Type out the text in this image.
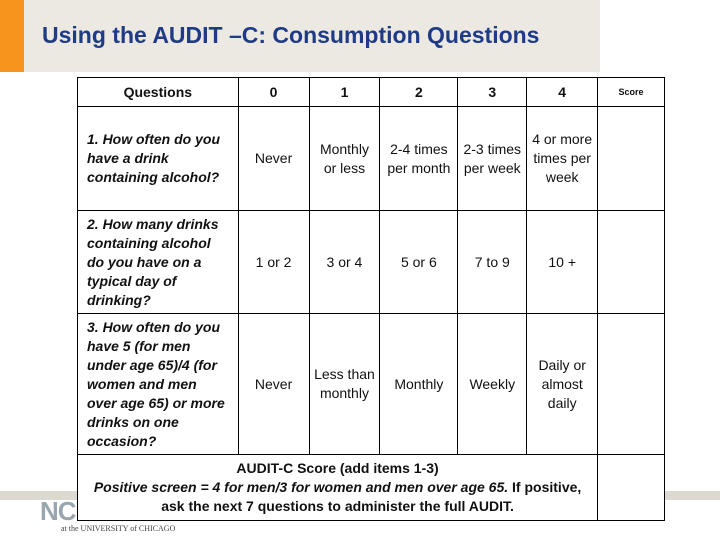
Using the AUDIT –C: Consumption Questions
NC
at the UNIVERSITY of CHICAGO
Questions	0	1	2	3	4	Score
1. How often do you have a drink containing alcohol?	Never	Monthly or less	2-4 times per month	2-3 times per week	4 or more times per week	
2. How many drinks containing alcohol do you have on a typical day of drinking?	1 or 2	3 or 4	5 or 6	7 to 9	10 +	
3. How often do you have 5 (for men under age 65)/4 (for women and men over age 65) or more drinks on one occasion?	Never	Less than monthly	Monthly	Weekly	Daily or almost daily	

AUDIT-C Score (add items 1-3)
Positive screen = 4 for men/3 for women and men over age 65. If positive, ask the next 7 questions to administer the full AUDIT.						
